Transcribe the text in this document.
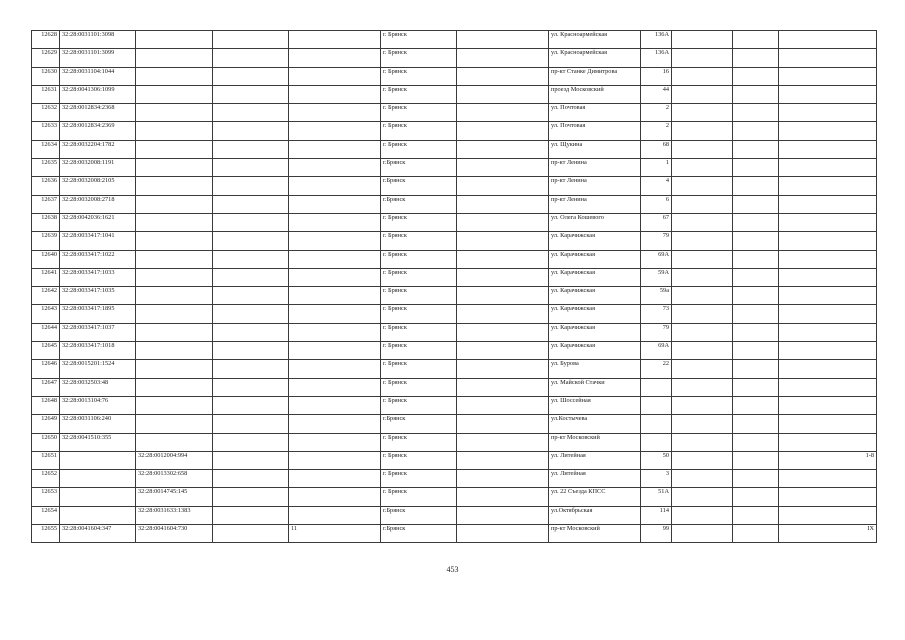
12628	32:28:0031101:3098				г. Брянск		ул. Красноармейская	136А			
12629	32:28:0031101:3099				г. Брянск		ул. Красноармейская	136А			
12630	32:28:0031104:1044				г. Брянск		пр-кт Станке Димитрова	16			
12631	32:28:0041306:1099				г. Брянск		проезд Московский	44			
12632	32:28:0012834:2368				г. Брянск		ул. Почтовая	2			
12633	32:28:0012834:2369				г. Брянск		ул. Почтовая	2			
12634	32:28:0032204:1782				г. Брянск		ул. Щукина	68			
12635	32:28:0032008:1191				г.Брянск		пр-кт Ленина	1			
12636	32:28:0032008:2105				г.Брянск		пр-кт Ленина	4			
12637	32:28:0032008:2718				г.Брянск		пр-кт Ленина	6			
12638	32:28:0042036:1621				г. Брянск		ул. Олега Кошевого	67			
12639	32:28:0033417:1041				г. Брянск		ул. Карачижская	79			
12640	32:28:0033417:1022				г. Брянск		ул. Карачижская	69А			
12641	32:28:0033417:1033				г. Брянск		ул. Карачижская	59А			
12642	32:28:0033417:1035				г. Брянск		ул. Карачижская	59а			
12643	32:28:0033417:1895				г. Брянск		ул. Карачижская	73			
12644	32:28:0033417:1037				г. Брянск		ул. Карачижская	79			
12645	32:28:0033417:1018				г. Брянск		ул. Карачижская	69А			
12646	32:28:0015201:1524				г. Брянск		ул. Бурова	22			
12647	32:28:0032503:48				г. Брянск		ул. Майской Стачки				
12648	32:28:0013104:76				г. Брянск		ул. Шоссейная				
12649	32:28:0031106:240				г.Брянск		ул.Костычева				
12650	32:28:0041510:355				г. Брянск		пр-кт Московский				
12651		32:28:0012004:994			г. Брянск		ул. Литейная	50			1-8
12652		32:28:0013302:658			г. Брянск		ул. Литейная	3			
12653		32:28:0014745:145			г. Брянск		ул. 22 Съезда КПСС	51А			
12654		32:28:0031633:1383			г.Брянск		ул.Октябрьская	114			
12655	32:28:0041604:347	32:28:0041604:730		11	г.Брянск		пр-кт Московский	99			IX
453
